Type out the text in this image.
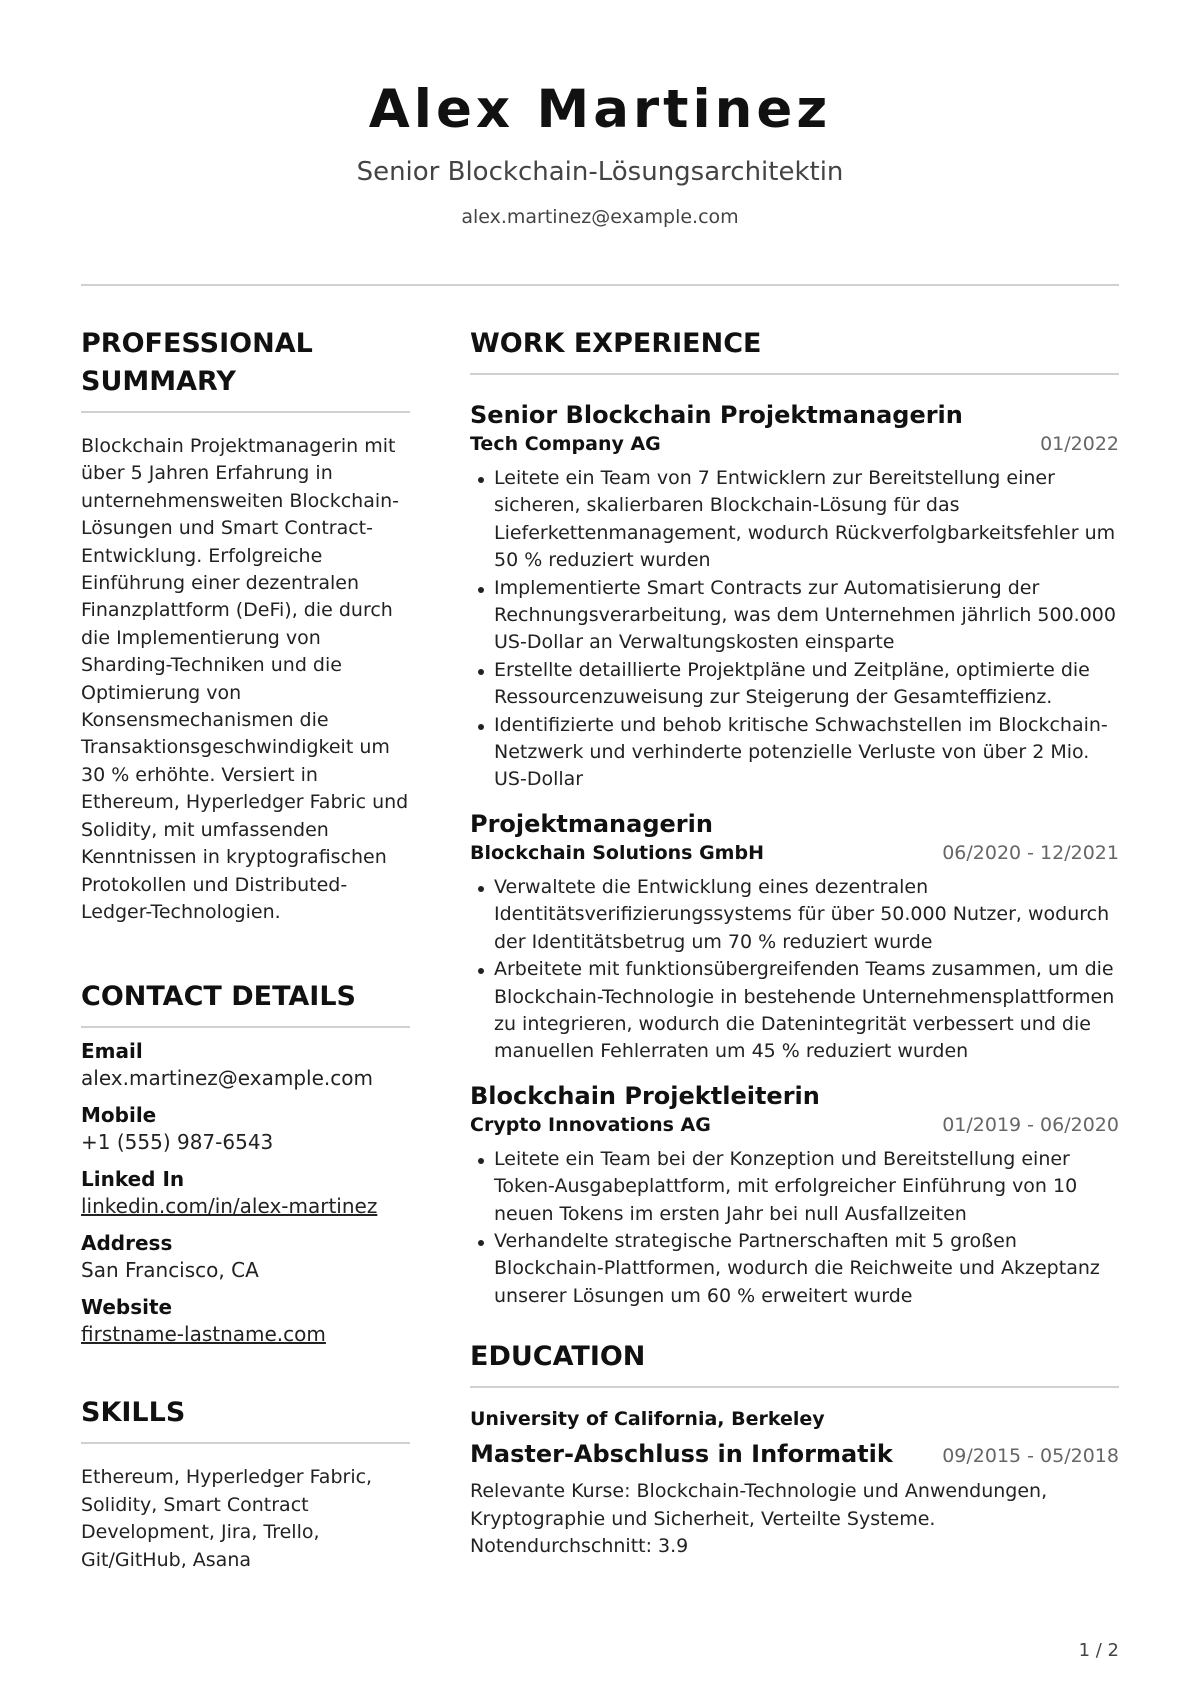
Alex Martinez
Senior Blockchain-Lösungsarchitektin
alex.martinez@example.com
PROFESSIONAL SUMMARY
Blockchain Projektmanagerin mit über 5 Jahren Erfahrung in unternehmensweiten Blockchain-Lösungen und Smart Contract-Entwicklung. Erfolgreiche Einführung einer dezentralen Finanzplattform (DeFi), die durch die Implementierung von Sharding-Techniken und die Optimierung von Konsensmechanismen die Transaktionsgeschwindigkeit um 30 % erhöhte. Versiert in Ethereum, Hyperledger Fabric und Solidity, mit umfassenden Kenntnissen in kryptografischen Protokollen und Distributed-Ledger-Technologien.
CONTACT DETAILS
Email
alex.martinez@example.com
Mobile
+1 (555) 987-6543
Linked In
linkedin.com/in/alex-martinez
Address
San Francisco, CA
Website
firstname-lastname.com
SKILLS
Ethereum, Hyperledger Fabric, Solidity, Smart Contract Development, Jira, Trello, Git/GitHub, Asana
WORK EXPERIENCE
Senior Blockchain Projektmanagerin
Tech Company AG	01/2022
Leitete ein Team von 7 Entwicklern zur Bereitstellung einer sicheren, skalierbaren Blockchain-Lösung für das Lieferkettenmanagement, wodurch Rückverfolgbarkeitsfehler um 50 % reduziert wurden
Implementierte Smart Contracts zur Automatisierung der Rechnungsverarbeitung, was dem Unternehmen jährlich 500.000 US-Dollar an Verwaltungskosten einsparte
Erstellte detaillierte Projektpläne und Zeitpläne, optimierte die Ressourcenzuweisung zur Steigerung der Gesamteffizienz.
Identifizierte und behob kritische Schwachstellen im Blockchain-Netzwerk und verhinderte potenzielle Verluste von über 2 Mio. US-Dollar
Projektmanagerin
Blockchain Solutions GmbH	06/2020 - 12/2021
Verwaltete die Entwicklung eines dezentralen Identitätsverifizierungssystems für über 50.000 Nutzer, wodurch der Identitätsbetrug um 70 % reduziert wurde
Arbeitete mit funktionsübergreifenden Teams zusammen, um die Blockchain-Technologie in bestehende Unternehmensplattformen zu integrieren, wodurch die Datenintegrität verbessert und die manuellen Fehlerraten um 45 % reduziert wurden
Blockchain Projektleiterin
Crypto Innovations AG	01/2019 - 06/2020
Leitete ein Team bei der Konzeption und Bereitstellung einer Token-Ausgabeplattform, mit erfolgreicher Einführung von 10 neuen Tokens im ersten Jahr bei null Ausfallzeiten
Verhandelte strategische Partnerschaften mit 5 großen Blockchain-Plattformen, wodurch die Reichweite und Akzeptanz unserer Lösungen um 60 % erweitert wurde
EDUCATION
University of California, Berkeley
Master-Abschluss in Informatik	09/2015 - 05/2018
Relevante Kurse: Blockchain-Technologie und Anwendungen, Kryptographie und Sicherheit, Verteilte Systeme. Notendurchschnitt: 3.9
1 / 2
